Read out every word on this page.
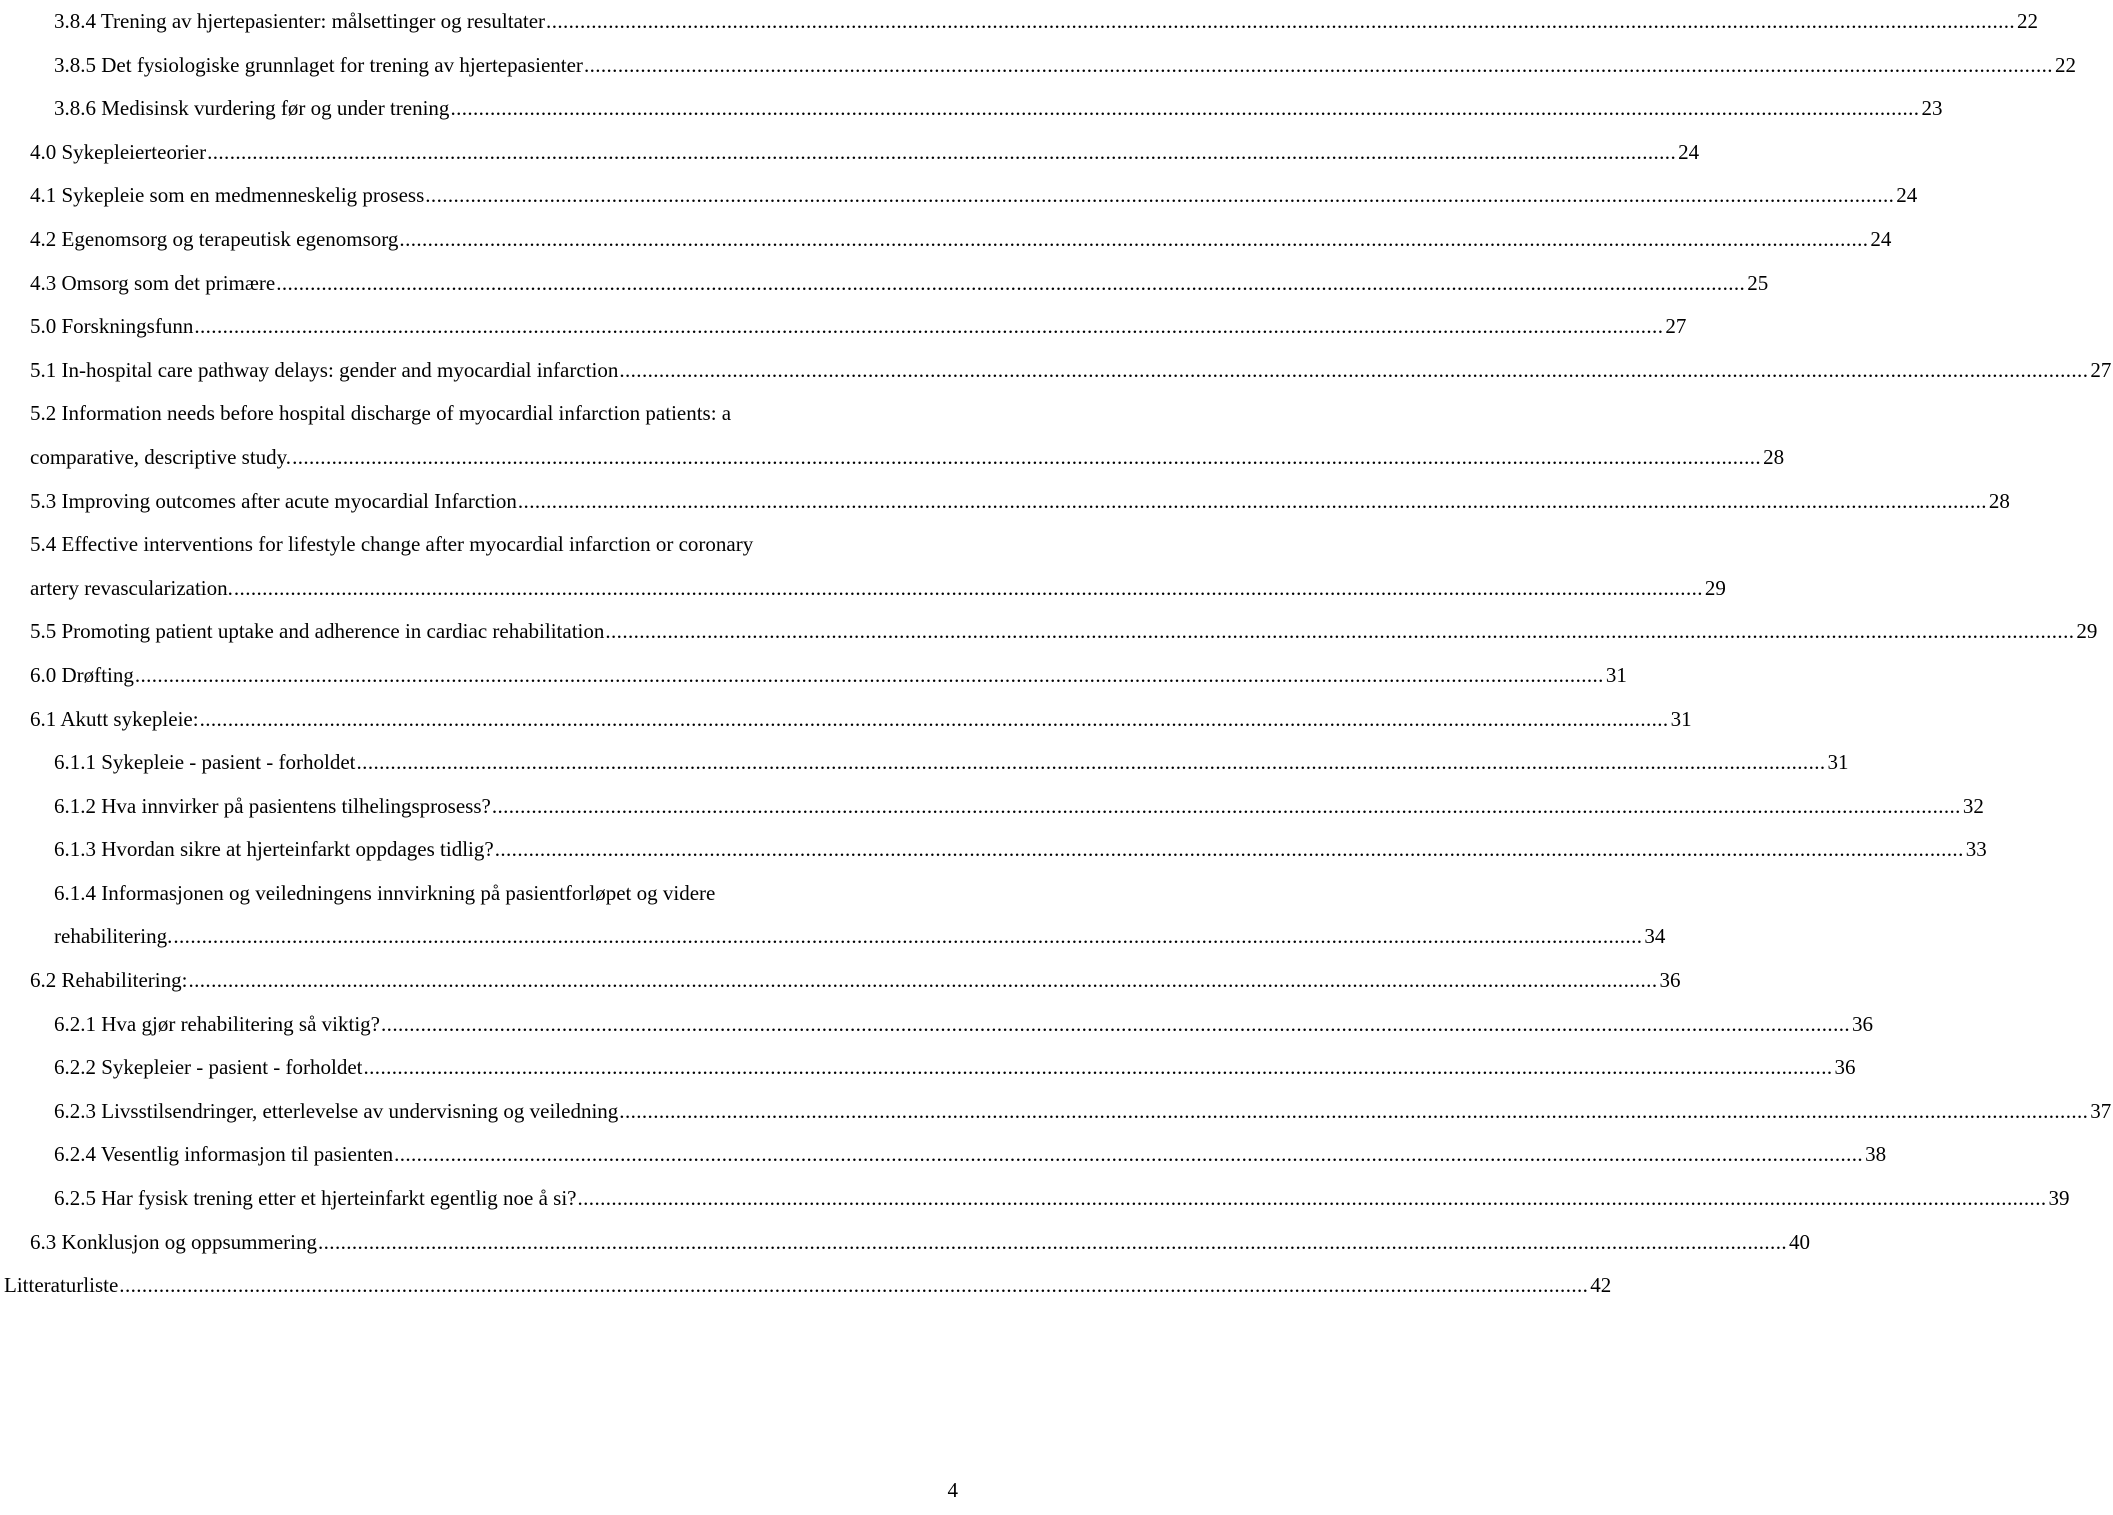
3.8.4 Trening av hjertepasienter: målsettinger og resultater .................................................................................................................................................................................................................................................................... 22
3.8.5 Det fysiologiske grunnlaget for trening av hjertepasienter .................................................................................................................................................................................................................................................................... 22
3.8.6 Medisinsk vurdering før og under trening .................................................................................................................................................................................................................................................................... 23
4.0 Sykepleierteorier .................................................................................................................................................................................................................................................................... 24
4.1 Sykepleie som en medmenneskelig prosess .................................................................................................................................................................................................................................................................... 24
4.2 Egenomsorg og terapeutisk egenomsorg .................................................................................................................................................................................................................................................................... 24
4.3 Omsorg som det primære .................................................................................................................................................................................................................................................................... 25
5.0 Forskningsfunn .................................................................................................................................................................................................................................................................... 27
5.1 In-hospital care pathway delays: gender and myocardial infarction .................................................................................................................................................................................................................................................................... 27
5.2 Information needs before hospital discharge of myocardial infarction patients: a
comparative, descriptive study. .................................................................................................................................................................................................................................................................... 28
5.3 Improving outcomes after acute myocardial Infarction .................................................................................................................................................................................................................................................................... 28
5.4 Effective interventions for lifestyle change after myocardial infarction or coronary
artery revascularization. .................................................................................................................................................................................................................................................................... 29
5.5 Promoting patient uptake and adherence in cardiac rehabilitation .................................................................................................................................................................................................................................................................... 29
6.0 Drøfting .................................................................................................................................................................................................................................................................... 31
6.1 Akutt sykepleie: .................................................................................................................................................................................................................................................................... 31
6.1.1 Sykepleie - pasient - forholdet .................................................................................................................................................................................................................................................................... 31
6.1.2 Hva innvirker på pasientens tilhelingsprosess? .................................................................................................................................................................................................................................................................... 32
6.1.3 Hvordan sikre at hjerteinfarkt oppdages tidlig? .................................................................................................................................................................................................................................................................... 33
6.1.4 Informasjonen og veiledningens innvirkning på pasientforløpet og videre
rehabilitering. .................................................................................................................................................................................................................................................................... 34
6.2 Rehabilitering: .................................................................................................................................................................................................................................................................... 36
6.2.1 Hva gjør rehabilitering så viktig? .................................................................................................................................................................................................................................................................... 36
6.2.2 Sykepleier - pasient - forholdet .................................................................................................................................................................................................................................................................... 36
6.2.3 Livsstilsendringer, etterlevelse av undervisning og veiledning .................................................................................................................................................................................................................................................................... 37
6.2.4 Vesentlig informasjon til pasienten .................................................................................................................................................................................................................................................................... 38
6.2.5 Har fysisk trening etter et hjerteinfarkt egentlig noe å si? .................................................................................................................................................................................................................................................................... 39
6.3 Konklusjon og oppsummering .................................................................................................................................................................................................................................................................... 40
Litteraturliste .................................................................................................................................................................................................................................................................... 42
4
